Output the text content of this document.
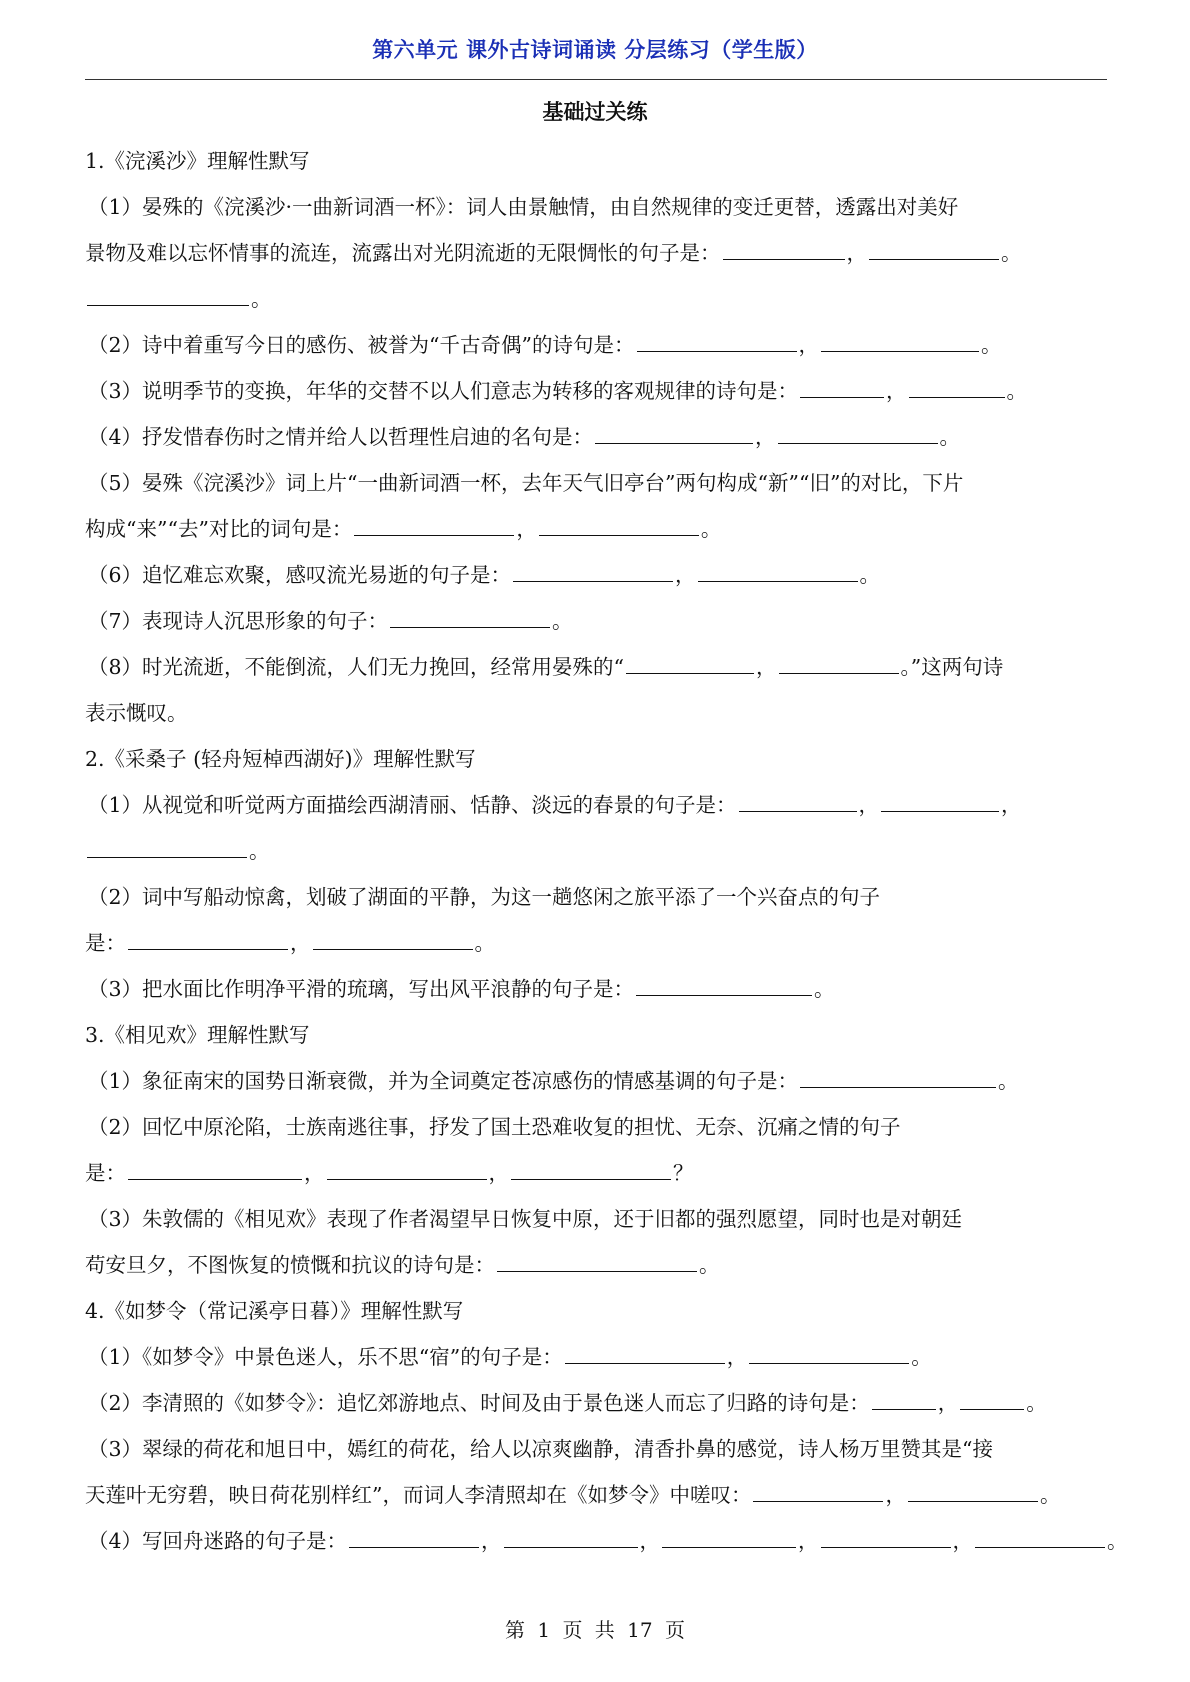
第六单元 课外古诗词诵读 分层练习（学生版）
基础过关练
1.《浣溪沙》理解性默写
（1）晏殊的《浣溪沙·一曲新词酒一杯》：词人由景触情，由自然规律的变迁更替，透露出对美好
景物及难以忘怀情事的流连，流露出对光阴流逝的无限惆怅的句子是：	，	。
。
（2）诗中着重写今日的感伤、被誉为“千古奇偶”的诗句是：	，	。
（3）说明季节的变换，年华的交替不以人们意志为转移的客观规律的诗句是：	，	。
（4）抒发惜春伤时之情并给人以哲理性启迪的名句是：	，	。
（5）晏殊《浣溪沙》词上片“一曲新词酒一杯，去年天气旧亭台”两句构成“新”“旧”的对比，下片
构成“来”“去”对比的词句是：	，	。
（6）追忆难忘欢聚，感叹流光易逝的句子是：	，	。
（7）表现诗人沉思形象的句子：	。
（8）时光流逝，不能倒流，人们无力挽回，经常用晏殊的“	，	。”这两句诗
表示慨叹。
2.《采桑子 (轻舟短棹西湖好)》理解性默写
（1）从视觉和听觉两方面描绘西湖清丽、恬静、淡远的春景的句子是：	，	，
。
（2）词中写船动惊禽，划破了湖面的平静，为这一趟悠闲之旅平添了一个兴奋点的句子
是：	，	。
（3）把水面比作明净平滑的琉璃，写出风平浪静的句子是：	。
3.《相见欢》理解性默写
（1）象征南宋的国势日渐衰微，并为全词奠定苍凉感伤的情感基调的句子是：	。
（2）回忆中原沦陷，士族南逃往事，抒发了国土恐难收复的担忧、无奈、沉痛之情的句子
是：	，	，	？
（3）朱敦儒的《相见欢》表现了作者渴望早日恢复中原，还于旧都的强烈愿望，同时也是对朝廷
苟安旦夕，不图恢复的愤慨和抗议的诗句是：	。
4.《如梦令（常记溪亭日暮）》理解性默写
（1）《如梦令》中景色迷人，乐不思“宿”的句子是：	，	。
（2）李清照的《如梦令》：追忆郊游地点、时间及由于景色迷人而忘了归路的诗句是：	，	。
（3）翠绿的荷花和旭日中，嫣红的荷花，给人以凉爽幽静，清香扑鼻的感觉，诗人杨万里赞其是“接
天莲叶无穷碧，映日荷花别样红”，而词人李清照却在《如梦令》中嗟叹：	，	。
（4）写回舟迷路的句子是：	，	，	，	，	。
第 1 页 共 17 页
